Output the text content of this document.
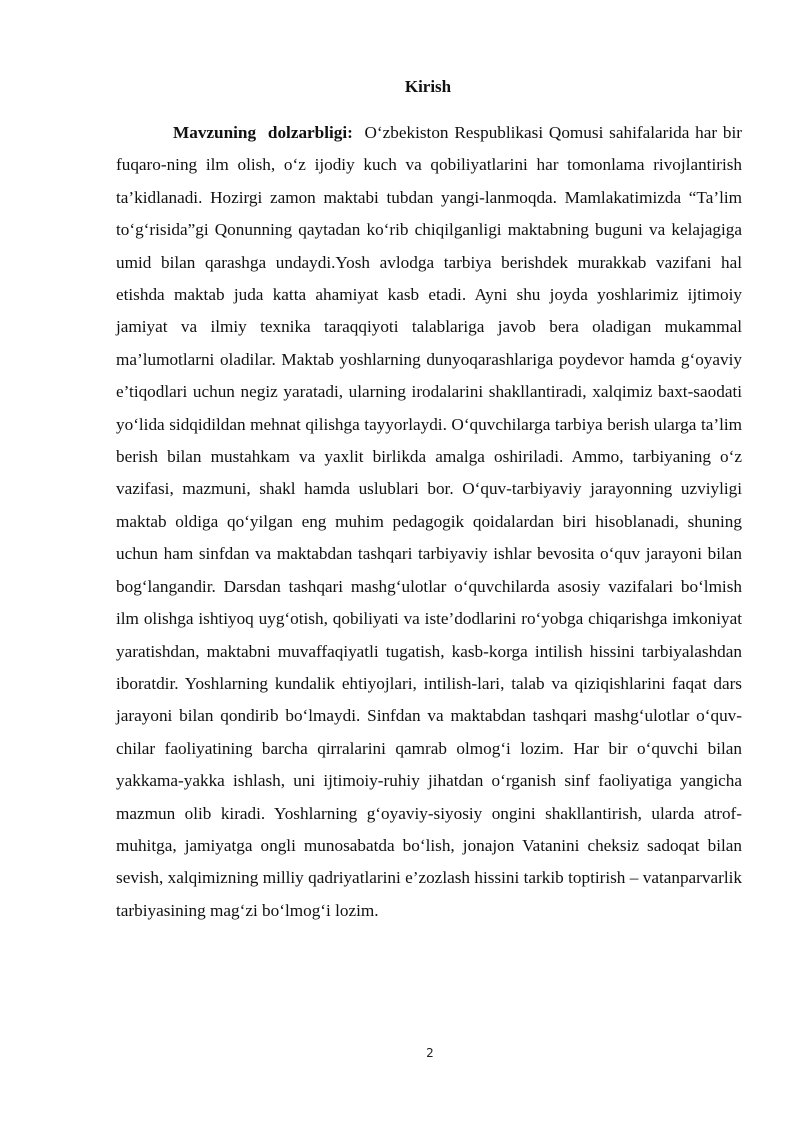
Kirish

Mavzuning dolzarbligi: O‘zbekiston Respublikasi Qomusi sahifalarida har bir fuqaro-ning ilm olish, o‘z ijodiy kuch va qobiliyatlarini har tomonlama rivojlantirish ta’kidlanadi. Hozirgi zamon maktabi tubdan yangi-lanmoqda. Mamlakatimizda “Ta’lim to‘g‘risida”gi Qonunning qaytadan ko‘rib chiqilganligi maktabning buguni va kelajagiga umid bilan qarashga undaydi.Yosh avlodga tarbiya berishdek murakkab vazifani hal etishda maktab juda katta ahamiyat kasb etadi. Ayni shu joyda yoshlarimiz ijtimoiy jamiyat va ilmiy texnika taraqqiyoti talablariga javob bera oladigan mukammal ma’lumotlarni oladilar. Maktab yoshlarning dunyoqarashlariga poydevor hamda g‘oyaviy e’tiqodlari uchun negiz yaratadi, ularning irodalarini shakllantiradi, xalqimiz baxt-saodati yo‘lida sidqidildan mehnat qilishga tayyorlaydi. O‘quvchilarga tarbiya berish ularga ta’lim berish bilan mustahkam va yaxlit birlikda amalga oshiriladi. Ammo, tarbiyaning o‘z vazifasi, mazmuni, shakl hamda uslublari bor. O‘quv-tarbiyaviy jarayonning uzviyligi maktab oldiga qo‘yilgan eng muhim pedagogik qoidalardan biri hisoblanadi, shuning uchun ham sinfdan va maktabdan tashqari tarbiyaviy ishlar bevosita o‘quv jarayoni bilan bog‘langandir. Darsdan tashqari mashg‘ulotlar o‘quvchilarda asosiy vazifalari bo‘lmish ilm olishga ishtiyoq uyg‘otish, qobiliyati va iste’dodlarini ro‘yobga chiqarishga imkoniyat yaratishdan, maktabni muvaffaqiyatli tugatish, kasb-korga intilish hissini tarbiyalashdan iboratdir. Yoshlarning kundalik ehtiyojlari, intilish-lari, talab va qiziqishlarini faqat dars jarayoni bilan qondirib bo‘lmaydi. Sinfdan va maktabdan tashqari mashg‘ulotlar o‘quv-chilar faoliyatining barcha qirralarini qamrab olmog‘i lozim. Har bir o‘quvchi bilan yakkama-yakka ishlash, uni ijtimoiy-ruhiy jihatdan o‘rganish sinf faoliyatiga yangicha mazmun olib kiradi. Yoshlarning g‘oyaviy-siyosiy ongini shakllantirish, ularda atrof-muhitga, jamiyatga ongli munosabatda bo‘lish, jonajon Vatanini cheksiz sadoqat bilan sevish, xalqimizning milliy qadriyatlarini e’zozlash hissini tarkib toptirish – vatanparvarlik tarbiyasining mag‘zi bo‘lmog‘i lozim.

2
